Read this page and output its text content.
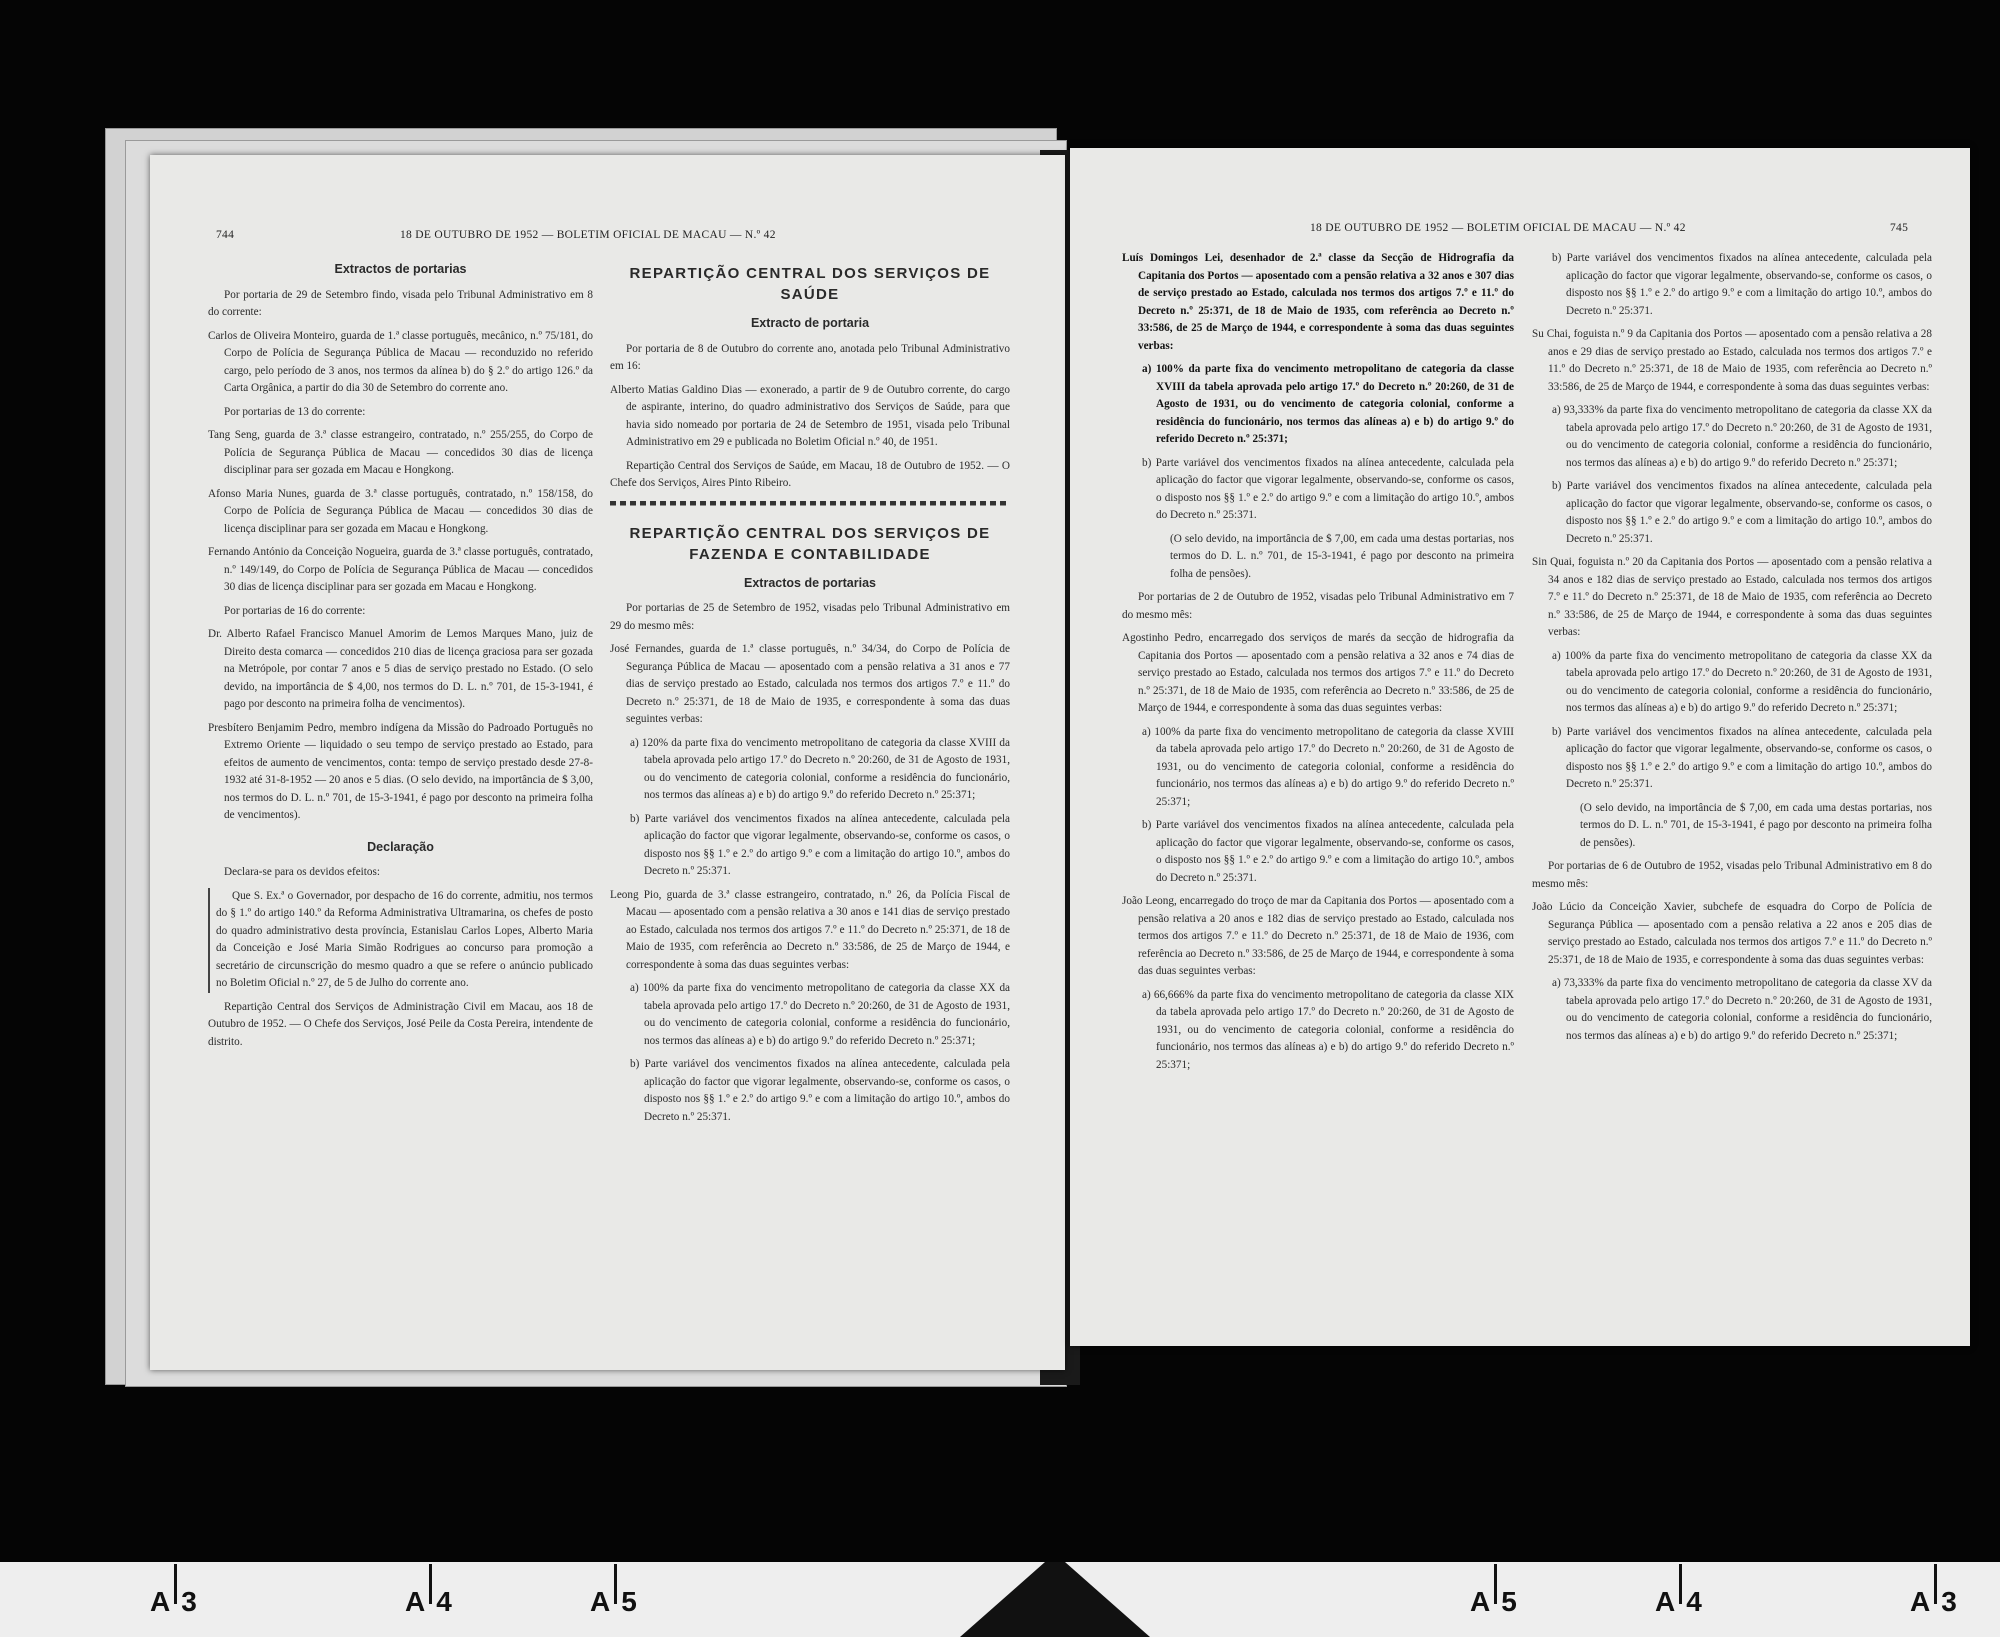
744	18 DE OUTUBRO DE 1952 — BOLETIM OFICIAL DE MACAU — N.º 42

Extractos de portarias

Por portaria de 29 de Setembro findo, visada pelo Tribunal Administrativo em 8 do corrente:

Carlos de Oliveira Monteiro, guarda de 1.ª classe português, mecânico, n.º 75/181, do Corpo de Polícia de Segurança Pública de Macau — reconduzido no referido cargo, pelo período de 3 anos, nos termos da alínea b) do § 2.º do artigo 126.º da Carta Orgânica, a partir do dia 30 de Setembro do corrente ano.

Por portarias de 13 do corrente:

Tang Seng, guarda de 3.ª classe estrangeiro, contratado, n.º 255/255, do Corpo de Polícia de Segurança Pública de Macau — concedidos 30 dias de licença disciplinar para ser gozada em Macau e Hongkong.

Afonso Maria Nunes, guarda de 3.ª classe português, contratado, n.º 158/158, do Corpo de Polícia de Segurança Pública de Macau — concedidos 30 dias de licença disciplinar para ser gozada em Macau e Hongkong.

Fernando António da Conceição Nogueira, guarda de 3.ª classe português, contratado, n.º 149/149, do Corpo de Polícia de Segurança Pública de Macau — concedidos 30 dias de licença disciplinar para ser gozada em Macau e Hongkong.

Por portarias de 16 do corrente:

Dr. Alberto Rafael Francisco Manuel Amorim de Lemos Marques Mano, juiz de Direito desta comarca — concedidos 210 dias de licença graciosa para ser gozada na Metrópole, por contar 7 anos e 5 dias de serviço prestado no Estado. (O selo devido, na importância de $ 4,00, nos termos do D. L. n.º 701, de 15-3-1941, é pago por desconto na primeira folha de vencimentos).

Presbítero Benjamim Pedro, membro indígena da Missão do Padroado Português no Extremo Oriente — liquidado o seu tempo de serviço prestado ao Estado, para efeitos de aumento de vencimentos, conta: tempo de serviço prestado desde 27-8-1932 até 31-8-1952 — 20 anos e 5 dias. (O selo devido, na importância de $ 3,00, nos termos do D. L. n.º 701, de 15-3-1941, é pago por desconto na primeira folha de vencimentos).

Declaração

Declara-se para os devidos efeitos:

Que S. Ex.ª o Governador, por despacho de 16 do corrente, admitiu, nos termos do § 1.º do artigo 140.º da Reforma Administrativa Ultramarina, os chefes de posto do quadro administrativo desta província, Estanislau Carlos Lopes, Alberto Maria da Conceição e José Maria Simão Rodrigues ao concurso para promoção a secretário de circunscrição do mesmo quadro a que se refere o anúncio publicado no Boletim Oficial n.º 27, de 5 de Julho do corrente ano.

Repartição Central dos Serviços de Administração Civil em Macau, aos 18 de Outubro de 1952. — O Chefe dos Serviços, José Peile da Costa Pereira, intendente de distrito.

REPARTIÇÃO CENTRAL DOS SERVIÇOS DE SAÚDE

Extracto de portaria

Por portaria de 8 de Outubro do corrente ano, anotada pelo Tribunal Administrativo em 16:

Alberto Matias Galdino Dias — exonerado, a partir de 9 de Outubro corrente, do cargo de aspirante, interino, do quadro administrativo dos Serviços de Saúde, para que havia sido nomeado por portaria de 24 de Setembro de 1951, visada pelo Tribunal Administrativo em 29 e publicada no Boletim Oficial n.º 40, de 1951.

Repartição Central dos Serviços de Saúde, em Macau, 18 de Outubro de 1952. — O Chefe dos Serviços, Aires Pinto Ribeiro.

REPARTIÇÃO CENTRAL DOS SERVIÇOS DE FAZENDA E CONTABILIDADE

Extractos de portarias

Por portarias de 25 de Setembro de 1952, visadas pelo Tribunal Administrativo em 29 do mesmo mês:

José Fernandes, guarda de 1.ª classe português, n.º 34/34, do Corpo de Polícia de Segurança Pública de Macau — aposentado com a pensão relativa a 31 anos e 77 dias de serviço prestado ao Estado, calculada nos termos dos artigos 7.º e 11.º do Decreto n.º 25:371, de 18 de Maio de 1935, e correspondente à soma das duas seguintes verbas:

a) 120% da parte fixa do vencimento metropolitano de categoria da classe XVIII da tabela aprovada pelo artigo 17.º do Decreto n.º 20:260, de 31 de Agosto de 1931, ou do vencimento de categoria colonial, conforme a residência do funcionário, nos termos das alíneas a) e b) do artigo 9.º do referido Decreto n.º 25:371;

b) Parte variável dos vencimentos fixados na alínea antecedente, calculada pela aplicação do factor que vigorar legalmente, observando-se, conforme os casos, o disposto nos §§ 1.º e 2.º do artigo 9.º e com a limitação do artigo 10.º, ambos do Decreto n.º 25:371.

Leong Pio, guarda de 3.ª classe estrangeiro, contratado, n.º 26, da Polícia Fiscal de Macau — aposentado com a pensão relativa a 30 anos e 141 dias de serviço prestado ao Estado, calculada nos termos dos artigos 7.º e 11.º do Decreto n.º 25:371, de 18 de Maio de 1935, com referência ao Decreto n.º 33:586, de 25 de Março de 1944, e correspondente à soma das duas seguintes verbas:

a) 100% da parte fixa do vencimento metropolitano de categoria da classe XX da tabela aprovada pelo artigo 17.º do Decreto n.º 20:260, de 31 de Agosto de 1931, ou do vencimento de categoria colonial, conforme a residência do funcionário, nos termos das alíneas a) e b) do artigo 9.º do referido Decreto n.º 25:371;

b) Parte variável dos vencimentos fixados na alínea antecedente, calculada pela aplicação do factor que vigorar legalmente, observando-se, conforme os casos, o disposto nos §§ 1.º e 2.º do artigo 9.º e com a limitação do artigo 10.º, ambos do Decreto n.º 25:371.

18 DE OUTUBRO DE 1952 — BOLETIM OFICIAL DE MACAU — N.º 42	745

Luís Domingos Lei, desenhador de 2.ª classe da Secção de Hidrografia da Capitania dos Portos — aposentado com a pensão relativa a 32 anos e 307 dias de serviço prestado ao Estado, calculada nos termos dos artigos 7.º e 11.º do Decreto n.º 25:371, de 18 de Maio de 1935, com referência ao Decreto n.º 33:586, de 25 de Março de 1944, e correspondente à soma das duas seguintes verbas:

a) 100% da parte fixa do vencimento metropolitano de categoria da classe XVIII da tabela aprovada pelo artigo 17.º do Decreto n.º 20:260, de 31 de Agosto de 1931, ou do vencimento de categoria colonial, conforme a residência do funcionário, nos termos das alíneas a) e b) do artigo 9.º do referido Decreto n.º 25:371;

b) Parte variável dos vencimentos fixados na alínea antecedente, calculada pela aplicação do factor que vigorar legalmente, observando-se, conforme os casos, o disposto nos §§ 1.º e 2.º do artigo 9.º e com a limitação do artigo 10.º, ambos do Decreto n.º 25:371.

(O selo devido, na importância de $ 7,00, em cada uma destas portarias, nos termos do D. L. n.º 701, de 15-3-1941, é pago por desconto na primeira folha de pensões).

Por portarias de 2 de Outubro de 1952, visadas pelo Tribunal Administrativo em 7 do mesmo mês:

Agostinho Pedro, encarregado dos serviços de marés da secção de hidrografia da Capitania dos Portos — aposentado com a pensão relativa a 32 anos e 74 dias de serviço prestado ao Estado, calculada nos termos dos artigos 7.º e 11.º do Decreto n.º 25:371, de 18 de Maio de 1935, com referência ao Decreto n.º 33:586, de 25 de Março de 1944, e correspondente à soma das duas seguintes verbas:

a) 100% da parte fixa do vencimento metropolitano de categoria da classe XVIII da tabela aprovada pelo artigo 17.º do Decreto n.º 20:260, de 31 de Agosto de 1931, ou do vencimento de categoria colonial, conforme a residência do funcionário, nos termos das alíneas a) e b) do artigo 9.º do referido Decreto n.º 25:371;

b) Parte variável dos vencimentos fixados na alínea antecedente, calculada pela aplicação do factor que vigorar legalmente, observando-se, conforme os casos, o disposto nos §§ 1.º e 2.º do artigo 9.º e com a limitação do artigo 10.º, ambos do Decreto n.º 25:371.

João Leong, encarregado do troço de mar da Capitania dos Portos — aposentado com a pensão relativa a 20 anos e 182 dias de serviço prestado ao Estado, calculada nos termos dos artigos 7.º e 11.º do Decreto n.º 25:371, de 18 de Maio de 1936, com referência ao Decreto n.º 33:586, de 25 de Março de 1944, e correspondente à soma das duas seguintes verbas:

a) 66,666% da parte fixa do vencimento metropolitano de categoria da classe XIX da tabela aprovada pelo artigo 17.º do Decreto n.º 20:260, de 31 de Agosto de 1931, ou do vencimento de categoria colonial, conforme a residência do funcionário, nos termos das alíneas a) e b) do artigo 9.º do referido Decreto n.º 25:371;

b) Parte variável dos vencimentos fixados na alínea antecedente, calculada pela aplicação do factor que vigorar legalmente, observando-se, conforme os casos, o disposto nos §§ 1.º e 2.º do artigo 9.º e com a limitação do artigo 10.º, ambos do Decreto n.º 25:371.

Su Chai, foguista n.º 9 da Capitania dos Portos — aposentado com a pensão relativa a 28 anos e 29 dias de serviço prestado ao Estado, calculada nos termos dos artigos 7.º e 11.º do Decreto n.º 25:371, de 18 de Maio de 1935, com referência ao Decreto n.º 33:586, de 25 de Março de 1944, e correspondente à soma das duas seguintes verbas:

a) 93,333% da parte fixa do vencimento metropolitano de categoria da classe XX da tabela aprovada pelo artigo 17.º do Decreto n.º 20:260, de 31 de Agosto de 1931, ou do vencimento de categoria colonial, conforme a residência do funcionário, nos termos das alíneas a) e b) do artigo 9.º do referido Decreto n.º 25:371;

b) Parte variável dos vencimentos fixados na alínea antecedente, calculada pela aplicação do factor que vigorar legalmente, observando-se, conforme os casos, o disposto nos §§ 1.º e 2.º do artigo 9.º e com a limitação do artigo 10.º, ambos do Decreto n.º 25:371.

Sin Quai, foguista n.º 20 da Capitania dos Portos — aposentado com a pensão relativa a 34 anos e 182 dias de serviço prestado ao Estado, calculada nos termos dos artigos 7.º e 11.º do Decreto n.º 25:371, de 18 de Maio de 1935, com referência ao Decreto n.º 33:586, de 25 de Março de 1944, e correspondente à soma das duas seguintes verbas:

a) 100% da parte fixa do vencimento metropolitano de categoria da classe XX da tabela aprovada pelo artigo 17.º do Decreto n.º 20:260, de 31 de Agosto de 1931, ou do vencimento de categoria colonial, conforme a residência do funcionário, nos termos das alíneas a) e b) do artigo 9.º do referido Decreto n.º 25:371;

b) Parte variável dos vencimentos fixados na alínea antecedente, calculada pela aplicação do factor que vigorar legalmente, observando-se, conforme os casos, o disposto nos §§ 1.º e 2.º do artigo 9.º e com a limitação do artigo 10.º, ambos do Decreto n.º 25:371.

(O selo devido, na importância de $ 7,00, em cada uma destas portarias, nos termos do D. L. n.º 701, de 15-3-1941, é pago por desconto na primeira folha de pensões).

Por portarias de 6 de Outubro de 1952, visadas pelo Tribunal Administrativo em 8 do mesmo mês:

João Lúcio da Conceição Xavier, subchefe de esquadra do Corpo de Polícia de Segurança Pública — aposentado com a pensão relativa a 22 anos e 205 dias de serviço prestado ao Estado, calculada nos termos dos artigos 7.º e 11.º do Decreto n.º 25:371, de 18 de Maio de 1935, e correspondente à soma das duas seguintes verbas:

a) 73,333% da parte fixa do vencimento metropolitano de categoria da classe XV da tabela aprovada pelo artigo 17.º do Decreto n.º 20:260, de 31 de Agosto de 1931, ou do vencimento de categoria colonial, conforme a residência do funcionário, nos termos das alíneas a) e b) do artigo 9.º do referido Decreto n.º 25:371;

A 3	A 4	A 5	A 5	A 4	A 3
